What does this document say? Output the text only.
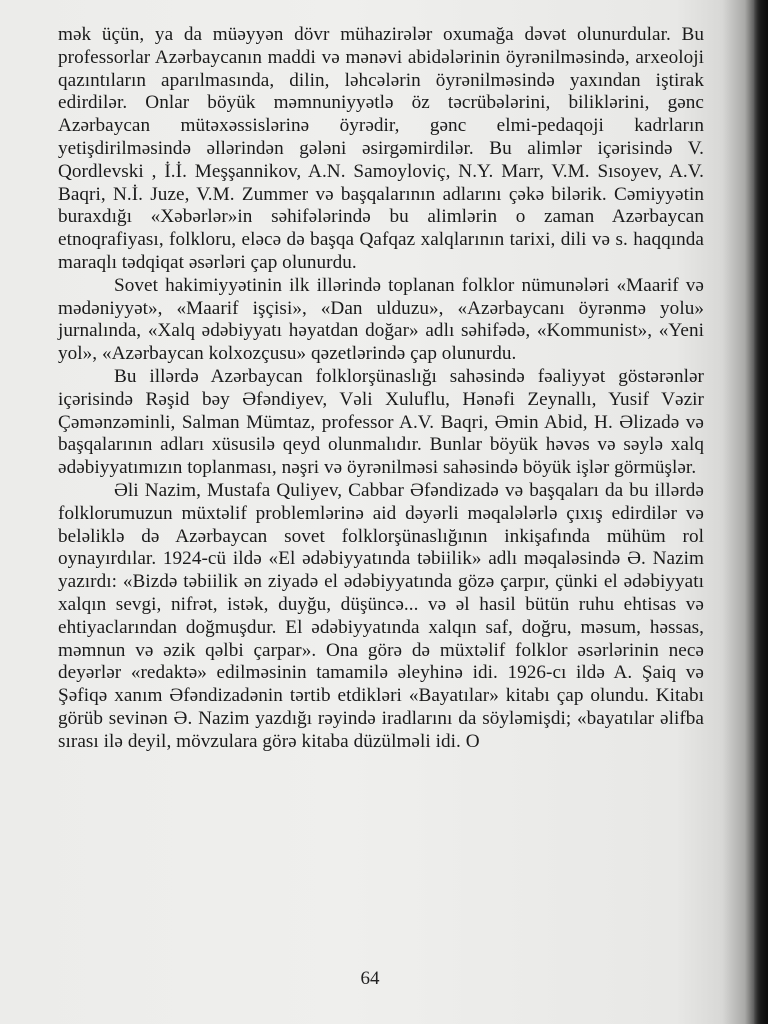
mək üçün, ya da müəyyən dövr mühazirələr oxumağa dəvət olunurdular. Bu professorlar Azərbaycanın maddi və mənəvi abidələrinin öyrənilməsində, arxeoloji qazıntıların aparılmasında, dilin, ləhcələrin öyrənilməsində yaxından iştirak edirdilər. Onlar böyük məmnuniyyətlə öz təcrübələrini, biliklərini, gənc Azərbaycan mütəxəssislərinə öyrədir, gənc elmi-pedaqoji kadrların yetişdirilməsində əllərindən gələni əsirgəmirdilər. Bu alimlər içərisində V. Qordlevski , İ.İ. Meşşannikov, A.N. Samoyloviç, N.Y. Marr, V.M. Sısoyev, A.V. Baqri, N.İ. Juze, V.M. Zummer və başqalarının adlarını çəkə bilərik. Cəmiyyətin buraxdığı «Xəbərlər»in səhifələrində bu alimlərin o zaman Azərbaycan etnoqrafiyası, folkloru, eləcə də başqa Qafqaz xalqlarının tarixi, dili və s. haqqında maraqlı tədqiqat əsərləri çap olunurdu.

Sovet hakimiyyətinin ilk illərində toplanan folklor nümunələri «Maarif və mədəniyyət», «Maarif işçisi», «Dan ulduzu», «Azərbaycanı öyrənmə yolu» jurnalında, «Xalq ədəbiyyatı həyatdan doğar» adlı səhifədə, «Kommunist», «Yeni yol», «Azərbaycan kolxozçusu» qəzetlərində çap olunurdu.

Bu illərdə Azərbaycan folklorşünaslığı sahəsində fəaliyyət göstərənlər içərisində Rəşid bəy Əfəndiyev, Vəli Xuluflu, Hənəfi Zeynallı, Yusif Vəzir Çəmənzəminli, Salman Mümtaz, professor A.V. Baqri, Əmin Abid, H. Əlizadə və başqalarının adları xüsusilə qeyd olunmalıdır. Bunlar böyük həvəs və səylə xalq ədəbiyyatımızın toplanması, nəşri və öyrənilməsi sahəsində böyük işlər görmüşlər.

Əli Nazim, Mustafa Quliyev, Cabbar Əfəndizadə və başqaları da bu illərdə folklorumuzun müxtəlif problemlərinə aid dəyərli məqalələrlə çıxış edirdilər və beləliklə də Azərbaycan sovet folklorşünaslığının inkişafında mühüm rol oynayırdılar. 1924-cü ildə «El ədəbiyyatında təbiilik» adlı məqaləsində Ə. Nazim yazırdı: «Bizdə təbiilik ən ziyadə el ədəbiyyatında gözə çarpır, çünki el ədəbiyyatı xalqın sevgi, nifrət, istək, duyğu, düşüncə... və əl hasil bütün ruhu ehtisas və ehtiyaclarından doğmuşdur. El ədəbiyyatında xalqın saf, doğru, məsum, həssas, məmnun və əzik qəlbi çarpar». Ona görə də müxtəlif folklor əsərlərinin necə deyərlər «redaktə» edilməsinin tamamilə əleyhinə idi. 1926-cı ildə A. Şaiq və Şəfiqə xanım Əfəndizadənin tərtib etdikləri «Bayatılar» kitabı çap olundu. Kitabı görüb sevinən Ə. Nazim yazdığı rəyində iradlarını da söyləmişdi; «bayatılar əlifba sırası ilə deyil, mövzulara görə kitaba düzülməli idi. O

64
